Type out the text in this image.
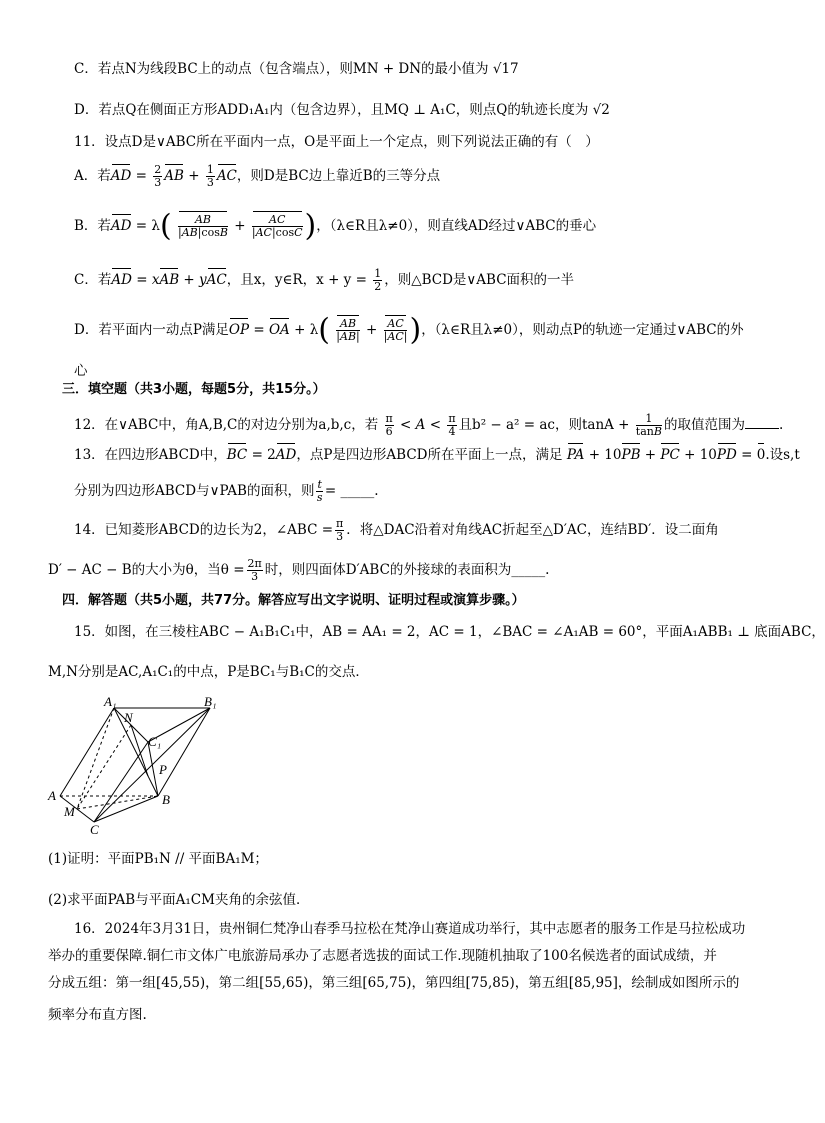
C．若点N为线段BC上的动点（包含端点），则MN + DN的最小值为 √17
D．若点Q在侧面正方形ADD₁A₁内（包含边界），且MQ ⊥ A₁C，则点Q的轨迹长度为 √2
11．设点D是∨ABC所在平面内一点，O是平面上一个定点，则下列说法正确的有（　）
A．若AD = $\frac{2}{3}$ AB + $\frac{1}{3}$ AC，则D是BC边上靠近B的三等分点
B．若AD = $\lambda( \frac{AB}{|AB|\cos B} + \frac{AC}{|AC|\cos C}$ )，（λ∈R且λ≠0），则直线AD经过∨ABC的垂心
C．若AD = xAB + yAC，且x，y∈R，$x + y = \frac{1}{2}$ ，则△BCD是∨ABC面积的一半
D．若平面内一动点P满足OP = OA + $\lambda( \frac{AB}{|AB|} + \frac{AC}{|AC|}$ )，（λ∈R且λ≠0），则动点P的轨迹一定通过∨ABC的外
心
三．填空题（共3小题，每题5分，共15分。）
12．在∨ABC中，角A,B,C的对边分别为a,b,c，若 $\frac{\pi}{6} < A < \frac{\pi}{4}$ 且b² − a² = ac，则$\tan A + \frac{1}{\tan B}$ 的取值范围为	.
13．在四边形ABCD中，BC = 2AD，点P是四边形ABCD所在平面上一点，满足 PA + 10PB + PC + 10PD = 0.设s,t
分别为四边形ABCD与∨PAB的面积，则 $\frac{t}{s}$ = _____.
14．已知菱形ABCD的边长为2，∠ABC = $\frac{\pi}{3}$ ．将△DAC沿着对角线AC折起至△D′AC，连结BD′．设二面角
D′ − AC − B的大小为θ，当$\theta = \frac{2\pi}{3}$ 时，则四面体D′ABC的外接球的表面积为_____.
四．解答题（共5小题，共77分。解答应写出文字说明、证明过程或演算步骤。）
15．如图，在三棱柱ABC − A₁B₁C₁中，AB = AA₁ = 2，AC = 1，∠BAC = ∠A₁AB = 60°，平面A₁ABB₁ ⊥ 底面ABC，
M,N分别是AC,A₁C₁的中点，P是BC₁与B₁C的交点．
A₁	B₁
N
C₁
P
A	B
M
C
(1)证明：平面PB₁N // 平面BA₁M；
(2)求平面PAB与平面A₁CM夹角的余弦值．
16．2024年3月31日，贵州铜仁梵净山春季马拉松在梵净山赛道成功举行，其中志愿者的服务工作是马拉松成功
举办的重要保障.铜仁市文体广电旅游局承办了志愿者选拔的面试工作.现随机抽取了100名候选者的面试成绩，并
分成五组：第一组[45,55)，第二组[55,65)，第三组[65,75)，第四组[75,85)，第五组[85,95]，绘制成如图所示的
频率分布直方图.
